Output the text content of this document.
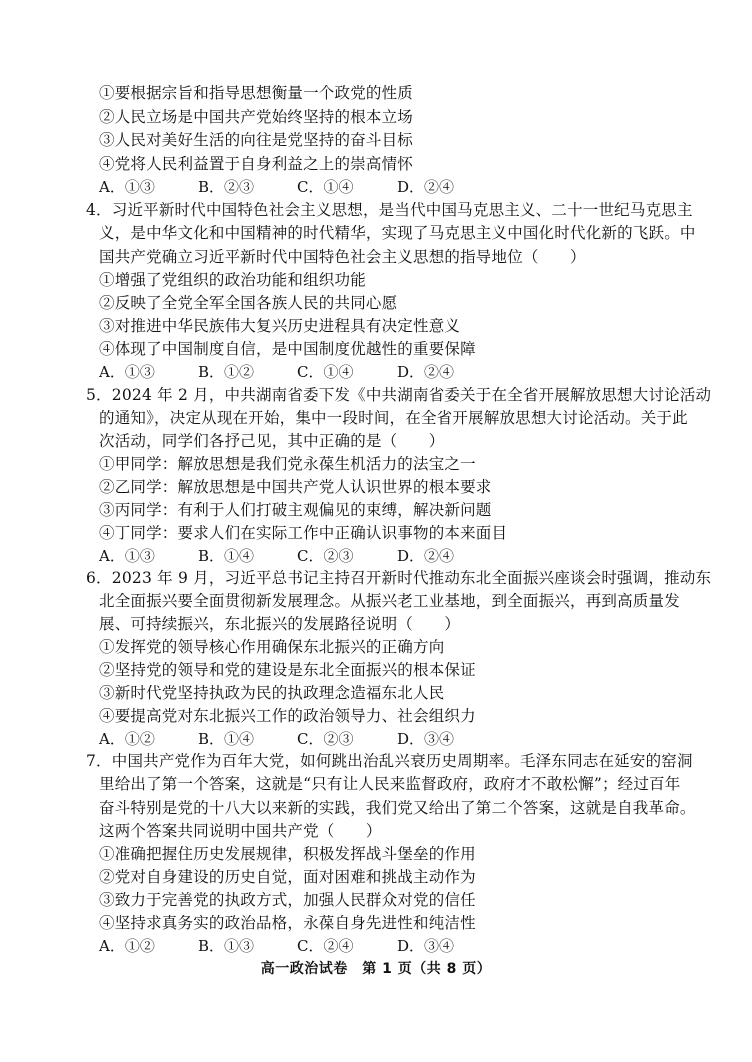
①要根据宗旨和指导思想衡量一个政党的性质
②人民立场是中国共产党始终坚持的根本立场
③人民对美好生活的向往是党坚持的奋斗目标
④党将人民利益置于自身利益之上的崇高情怀
A．①③	B．②③	C．①④	D．②④
4．习近平新时代中国特色社会主义思想，是当代中国马克思主义、二十一世纪马克思主
义，是中华文化和中国精神的时代精华，实现了马克思主义中国化时代化新的飞跃。中
国共产党确立习近平新时代中国特色社会主义思想的指导地位（　　）
①增强了党组织的政治功能和组织功能
②反映了全党全军全国各族人民的共同心愿
③对推进中华民族伟大复兴历史进程具有决定性意义
④体现了中国制度自信，是中国制度优越性的重要保障
A．①③	B．①②	C．①④	D．②④
5．2024 年 2 月，中共湖南省委下发《中共湖南省委关于在全省开展解放思想大讨论活动
的通知》，决定从现在开始，集中一段时间，在全省开展解放思想大讨论活动。关于此
次活动，同学们各抒己见，其中正确的是（　　）
①甲同学：解放思想是我们党永葆生机活力的法宝之一
②乙同学：解放思想是中国共产党人认识世界的根本要求
③丙同学：有利于人们打破主观偏见的束缚，解决新问题
④丁同学：要求人们在实际工作中正确认识事物的本来面目
A．①③	B．①④	C．②③	D．②④
6．2023 年 9 月，习近平总书记主持召开新时代推动东北全面振兴座谈会时强调，推动东
北全面振兴要全面贯彻新发展理念。从振兴老工业基地，到全面振兴，再到高质量发
展、可持续振兴，东北振兴的发展路径说明（　　）
①发挥党的领导核心作用确保东北振兴的正确方向
②坚持党的领导和党的建设是东北全面振兴的根本保证
③新时代党坚持执政为民的执政理念造福东北人民
④要提高党对东北振兴工作的政治领导力、社会组织力
A．①②	B．①④	C．②③	D．③④
7．中国共产党作为百年大党，如何跳出治乱兴衰历史周期率。毛泽东同志在延安的窑洞
里给出了第一个答案，这就是“只有让人民来监督政府，政府才不敢松懈”；经过百年
奋斗特别是党的十八大以来新的实践，我们党又给出了第二个答案，这就是自我革命。
这两个答案共同说明中国共产党（　　）
①准确把握住历史发展规律，积极发挥战斗堡垒的作用
②党对自身建设的历史自觉，面对困难和挑战主动作为
③致力于完善党的执政方式，加强人民群众对党的信任
④坚持求真务实的政治品格，永葆自身先进性和纯洁性
A．①②	B．①③	C．②④	D．③④
高一政治试卷　第 1 页（共 8 页）
